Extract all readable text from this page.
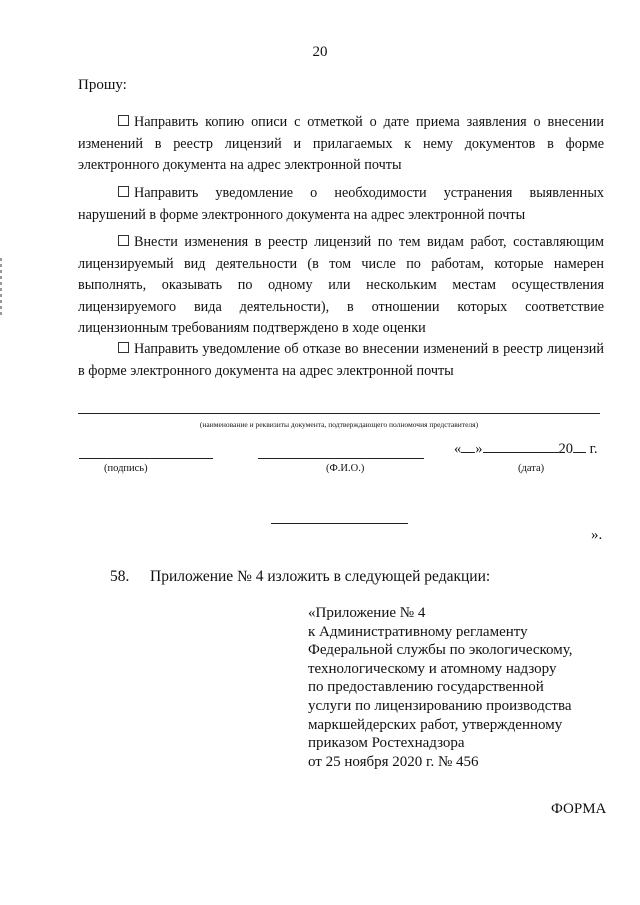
20
Прошу:

Направить копию описи с отметкой о дате приема заявления о внесении изменений в реестр лицензий и прилагаемых к нему документов в форме электронного документа на адрес электронной почты

Направить уведомление о необходимости устранения выявленных нарушений в форме электронного документа на адрес электронной почты

Внести изменения в реестр лицензий по тем видам работ, составляющим лицензируемый вид деятельности (в том числе по работам, которые намерен выполнять, оказывать по одному или нескольким местам осуществления лицензируемого вида деятельности), в отношении которых соответствие лицензионным требованиям подтверждено в ходе оценки

Направить уведомление об отказе во внесении изменений в реестр лицензий в форме электронного документа на адрес электронной почты

(наименование и реквизиты документа, подтверждающего полномочия представителя)
(подпись)	(Ф.И.О.)
« »	20 г.
(дата)
».
58. Приложение № 4 изложить в следующей редакции:
«Приложение № 4
к Административному регламенту
Федеральной службы по экологическому,
технологическому и атомному надзору
по предоставлению государственной
услуги по лицензированию производства
маркшейдерских работ, утвержденному
приказом Ростехнадзора
от 25 ноября 2020 г. № 456
ФОРМА
